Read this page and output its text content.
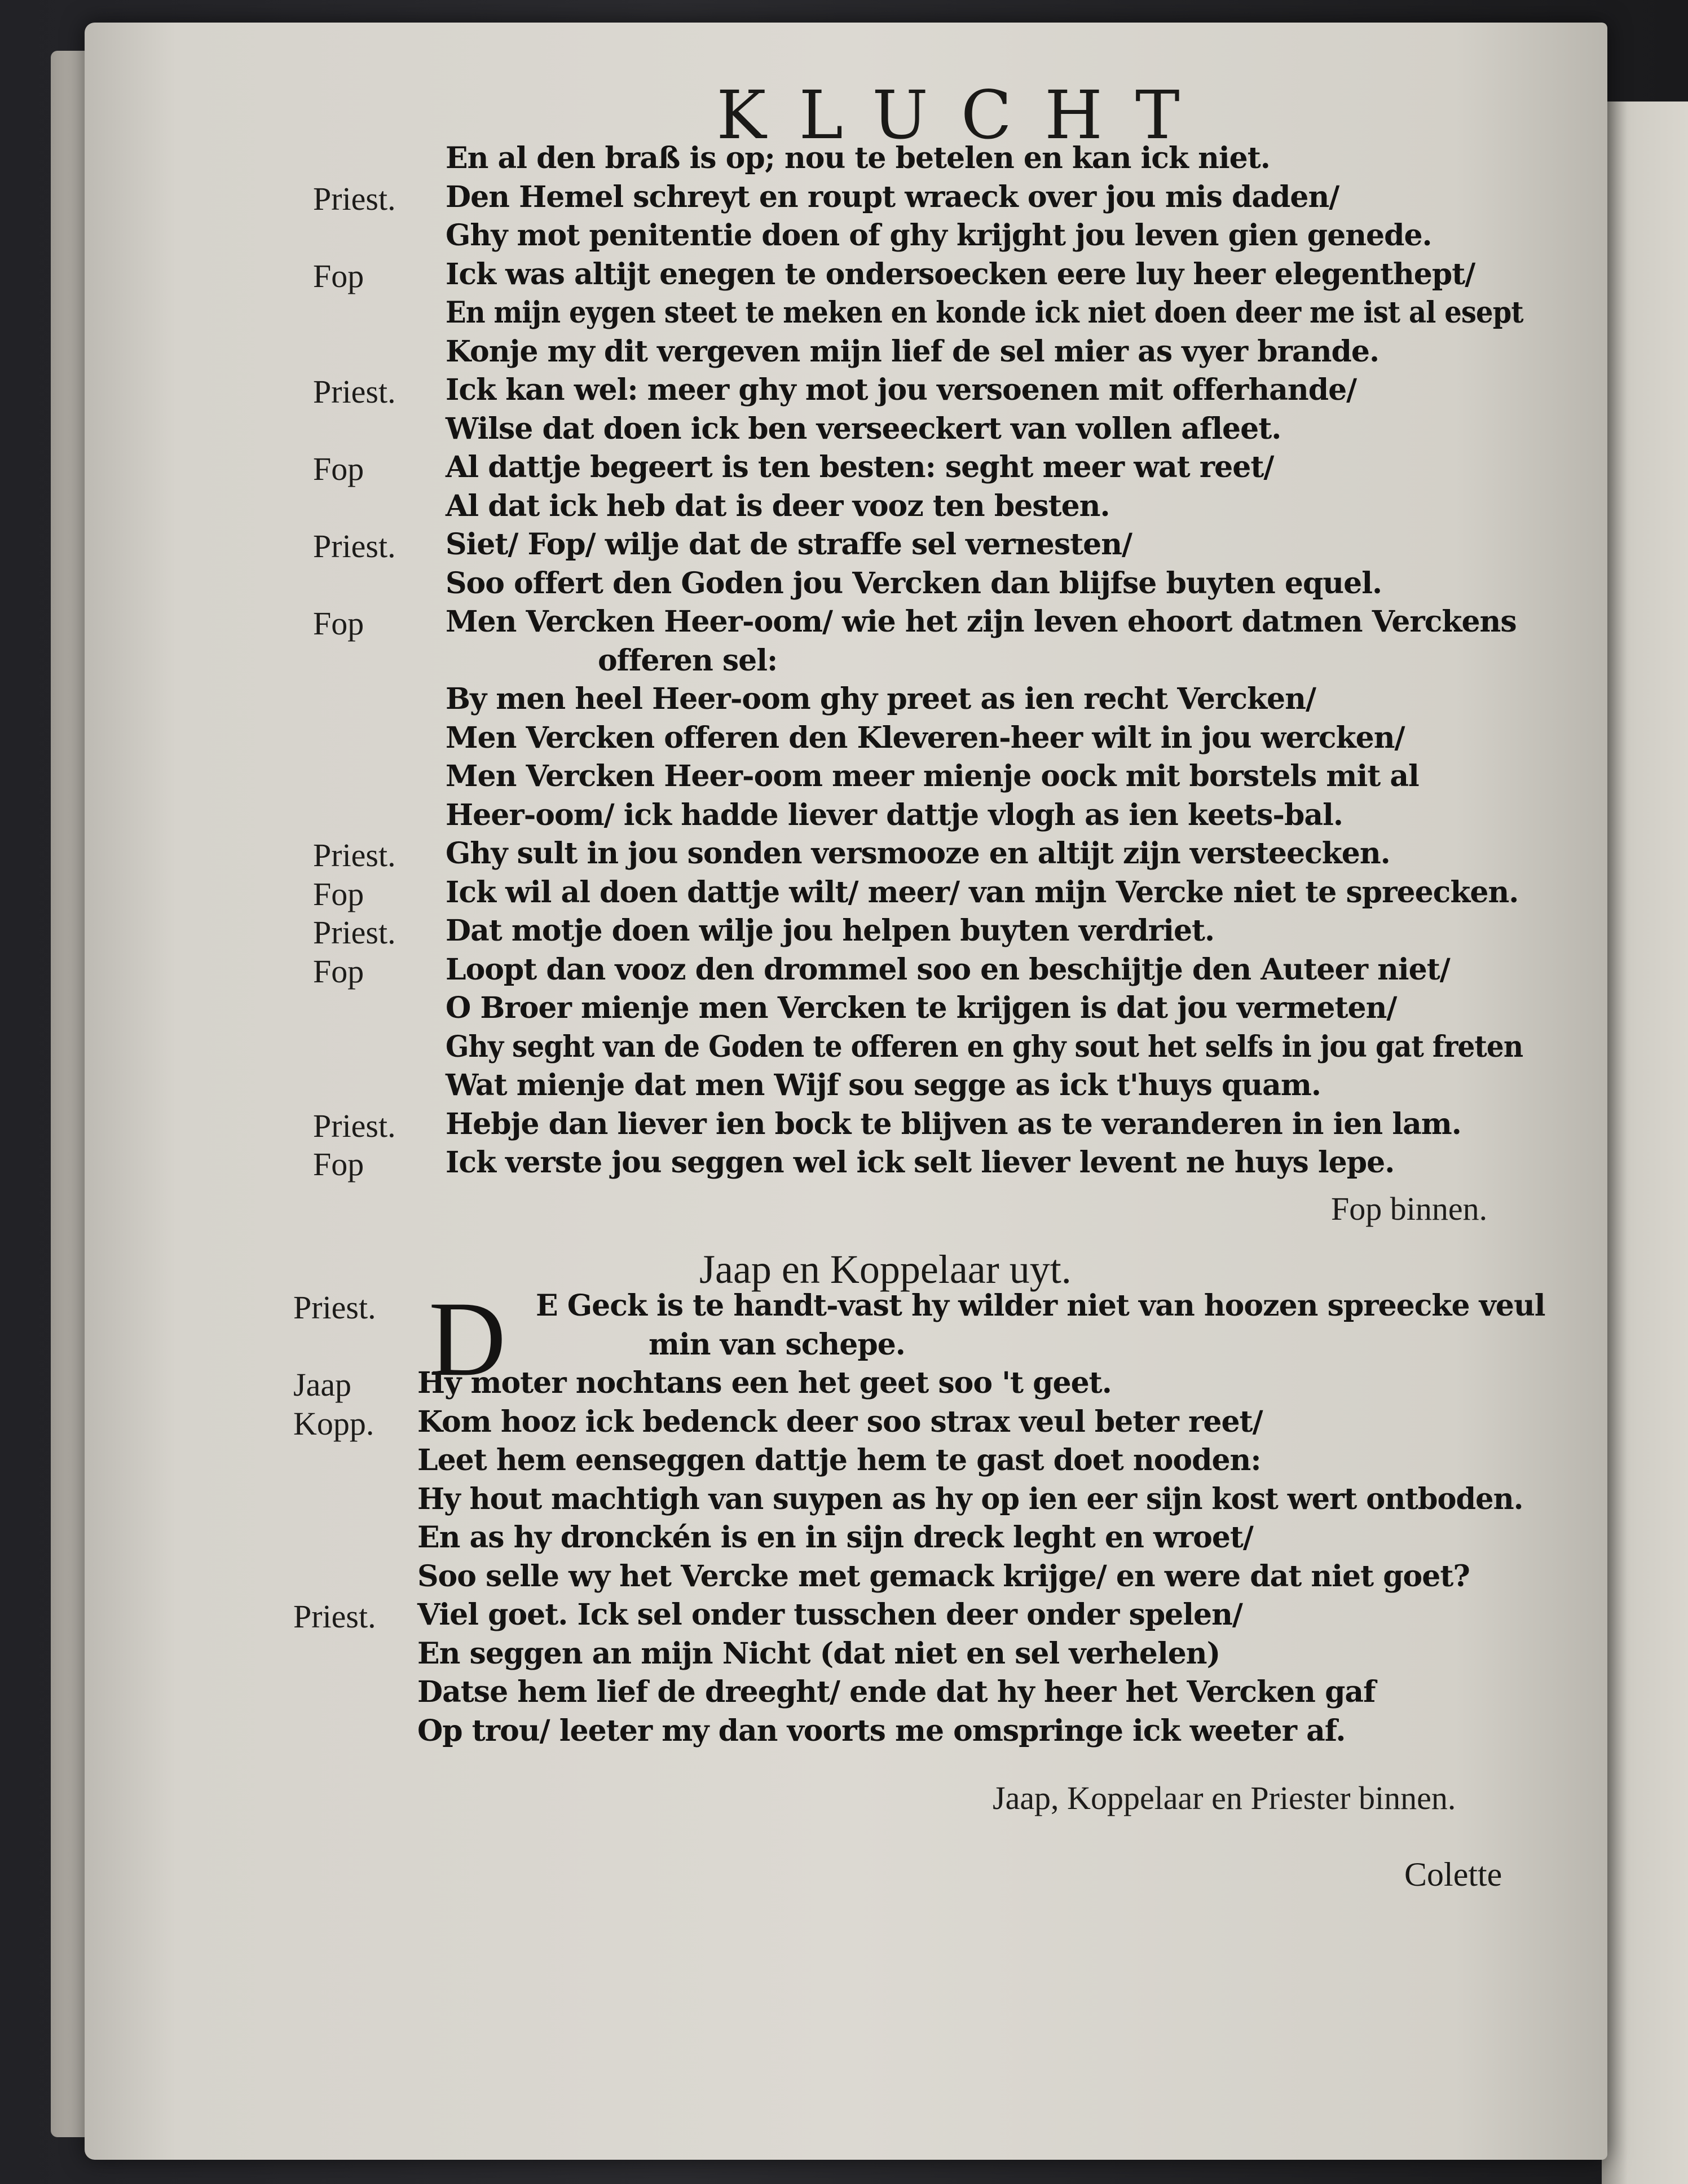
KLUCHT
En al den braß is op; nou te betelen en kan ick niet.
Priest. Den Hemel schreyt en roupt wraeck over jou mis daden/
Ghy mot penitentie doen of ghy krijght jou leven gien genede.
Fop	Ick was altijt enegen te ondersoecken eere luy heer elegenthept/
En mijn eygen steet te meken en konde ick niet doen deer me ist al esept
Konje my dit vergeven mijn lief de sel mier as vyer brande.
Priest. Ick kan wel: meer ghy mot jou versoenen mit offerhande/
Wilse dat doen ick ben verseeckert van vollen afleet.
Fop	Al dattje begeert is ten besten: seght meer wat reet/
Al dat ick heb dat is deer vooz ten besten.
Priest. Siet/ Fop/ wilje dat de straffe sel vernesten/
Soo offert den Goden jou Vercken dan blijfse buyten equel.
Fop	Men Vercken Heer-oom/ wie het zijn leven ehoort datmen Verckens
offeren sel:
By men heel Heer-oom ghy preet as ien recht Vercken/
Men Vercken offeren den Kleveren-heer wilt in jou wercken/
Men Vercken Heer-oom meer mienje oock mit borstels mit al
Heer-oom/ ick hadde liever dattje vlogh as ien keets-bal.
Priest. Ghy sult in jou sonden versmooze en altijt zijn versteecken.
Fop	Ick wil al doen dattje wilt/ meer/ van mijn Vercke niet te spreecken.
Priest. Dat motje doen wilje jou helpen buyten verdriet.
Fop	Loopt dan vooz den drommel soo en beschijtje den Auteer niet/
O Broer mienje men Vercken te krijgen is dat jou vermeten/
Ghy seght van de Goden te offeren en ghy sout het selfs in jou gat freten
Wat mienje dat men Wijf sou segge as ick t'huys quam.
Priest. Hebje dan liever ien bock te blijven as te veranderen in ien lam.
Fop	Ick verste jou seggen wel ick selt liever levent ne huys lepe.
Fop binnen.
Jaap en Koppelaar uyt.
D
Priest.	E Geck is te handt-vast hy wilder niet van hoozen spreecke veul
min van schepe.
Jaap Hy moter nochtans een het geet soo 't geet.
Kopp. Kom hooz ick bedenck deer soo strax veul beter reet/
Leet hem eenseggen dattje hem te gast doet nooden:
Hy hout machtigh van suypen as hy op ien eer sijn kost wert ontboden.
En as hy dronckén is en in sijn dreck leght en wroet/
Soo selle wy het Vercke met gemack krijge/ en were dat niet goet?
Priest. Viel goet. Ick sel onder tusschen deer onder spelen/
En seggen an mijn Nicht (dat niet en sel verhelen)
Datse hem lief de dreeght/ ende dat hy heer het Vercken gaf
Op trou/ leeter my dan voorts me omspringe ick weeter af.
Jaap, Koppelaar en Priester binnen.
Colette
